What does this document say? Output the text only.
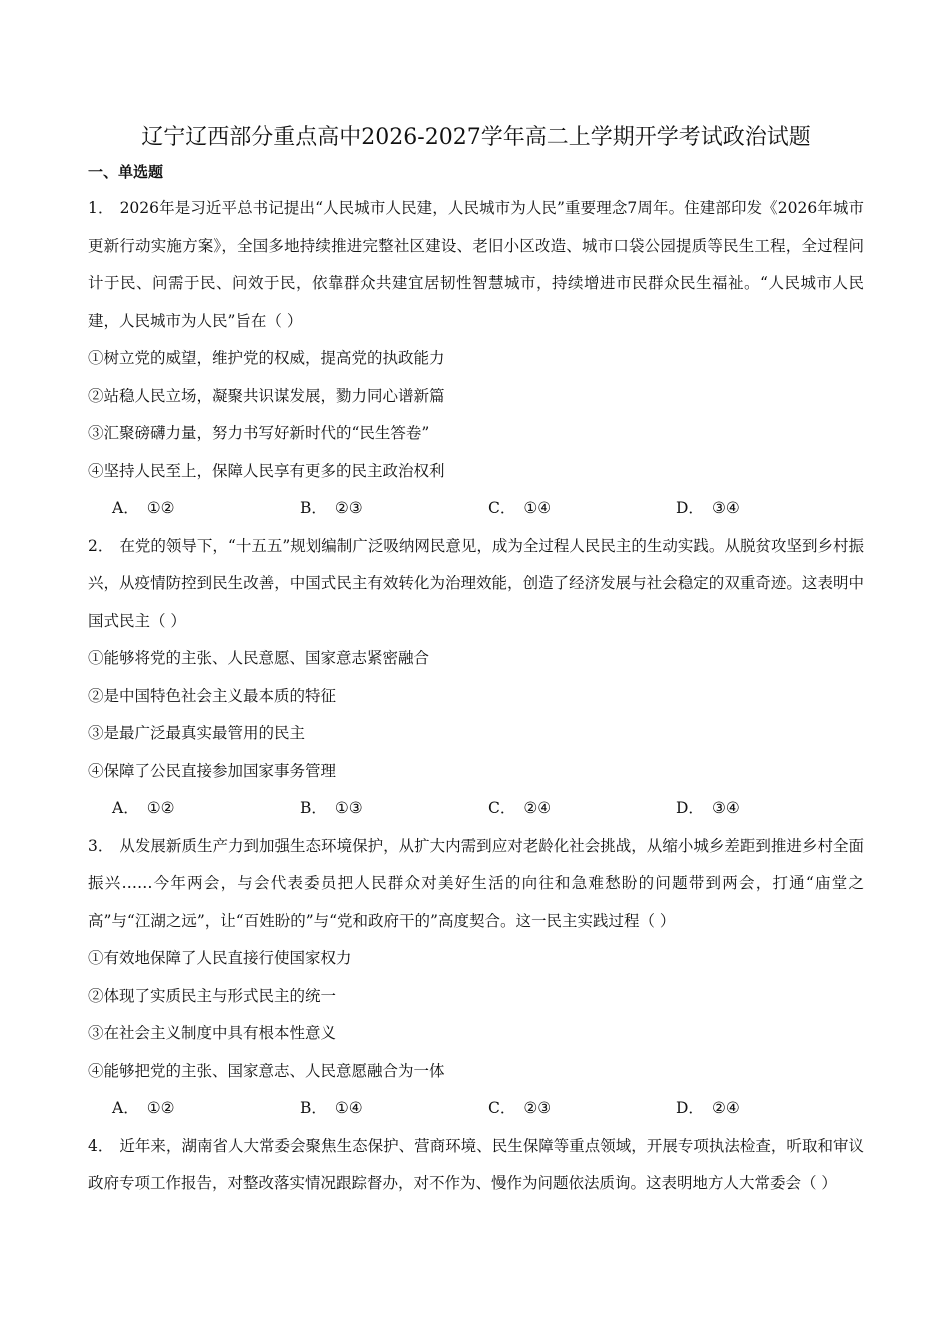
辽宁辽西部分重点高中2026-2027学年高二上学期开学考试政治试题
一、单选题

1． 2026年是习近平总书记提出“人民城市人民建，人民城市为人民”重要理念7周年。住建部印发《2026年城市更新行动实施方案》，全国多地持续推进完整社区建设、老旧小区改造、城市口袋公园提质等民生工程，全过程问计于民、问需于民、问效于民，依靠群众共建宜居韧性智慧城市，持续增进市民群众民生福祉。“人民城市人民建，人民城市为人民”旨在（ ）

①树立党的威望，维护党的权威，提高党的执政能力

②站稳人民立场，凝聚共识谋发展，勠力同心谱新篇

③汇聚磅礴力量，努力书写好新时代的“民生答卷”

④坚持人民至上，保障人民享有更多的民主政治权利

A． ①②	B． ②③	C． ①④	D． ③④

2． 在党的领导下，“十五五”规划编制广泛吸纳网民意见，成为全过程人民民主的生动实践。从脱贫攻坚到乡村振兴，从疫情防控到民生改善，中国式民主有效转化为治理效能，创造了经济发展与社会稳定的双重奇迹。这表明中国式民主（ ）

①能够将党的主张、人民意愿、国家意志紧密融合

②是中国特色社会主义最本质的特征

③是最广泛最真实最管用的民主

④保障了公民直接参加国家事务管理

A． ①②	B． ①③	C． ②④	D． ③④

3． 从发展新质生产力到加强生态环境保护，从扩大内需到应对老龄化社会挑战，从缩小城乡差距到推进乡村全面振兴……今年两会，与会代表委员把人民群众对美好生活的向往和急难愁盼的问题带到两会，打通“庙堂之高”与“江湖之远”，让“百姓盼的”与“党和政府干的”高度契合。这一民主实践过程（ ）

①有效地保障了人民直接行使国家权力

②体现了实质民主与形式民主的统一

③在社会主义制度中具有根本性意义

④能够把党的主张、国家意志、人民意愿融合为一体

A． ①②	B． ①④	C． ②③	D． ②④

4． 近年来，湖南省人大常委会聚焦生态保护、营商环境、民生保障等重点领域，开展专项执法检查，听取和审议政府专项工作报告，对整改落实情况跟踪督办，对不作为、慢作为问题依法质询。这表明地方人大常委会（ ）
